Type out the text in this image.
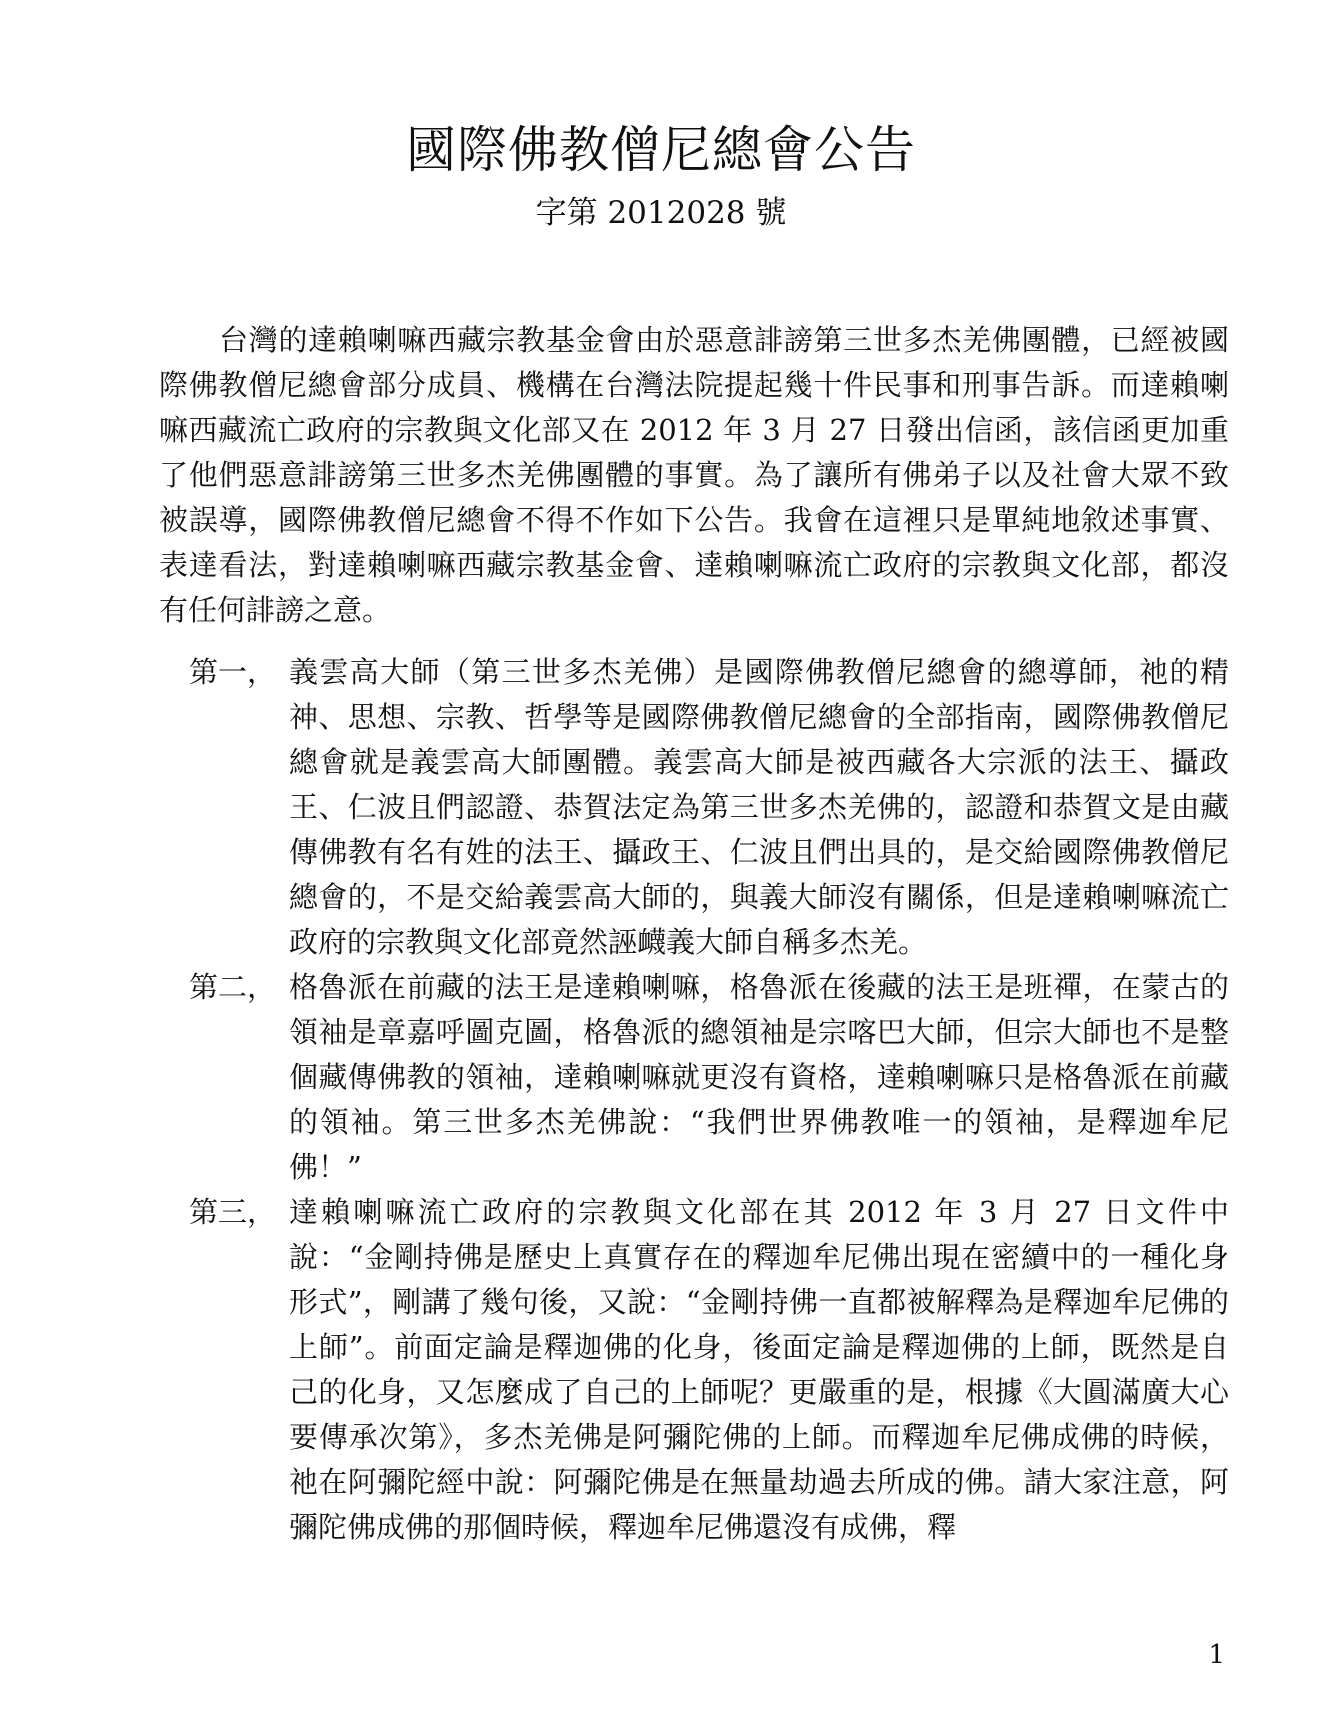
國際佛教僧尼總會公告
字第 2012028 號

台灣的達賴喇嘛西藏宗教基金會由於惡意誹謗第三世多杰羌佛團體，已經被國際佛教僧尼總會部分成員、機構在台灣法院提起幾十件民事和刑事告訴。而達賴喇嘛西藏流亡政府的宗教與文化部又在 2012 年 3 月 27 日發出信函，該信函更加重了他們惡意誹謗第三世多杰羌佛團體的事實。為了讓所有佛弟子以及社會大眾不致被誤導，國際佛教僧尼總會不得不作如下公告。我會在這裡只是單純地敘述事實、表達看法，對達賴喇嘛西藏宗教基金會、達賴喇嘛流亡政府的宗教與文化部，都沒有任何誹謗之意。

第一， 義雲高大師（第三世多杰羌佛）是國際佛教僧尼總會的總導師，祂的精神、思想、宗教、哲學等是國際佛教僧尼總會的全部指南，國際佛教僧尼總會就是義雲高大師團體。義雲高大師是被西藏各大宗派的法王、攝政王、仁波且們認證、恭賀法定為第三世多杰羌佛的，認證和恭賀文是由藏傳佛教有名有姓的法王、攝政王、仁波且們出具的，是交給國際佛教僧尼總會的，不是交給義雲高大師的，與義大師沒有關係，但是達賴喇嘛流亡政府的宗教與文化部竟然誣衊義大師自稱多杰羌。
第二， 格魯派在前藏的法王是達賴喇嘛，格魯派在後藏的法王是班禪，在蒙古的領袖是章嘉呼圖克圖，格魯派的總領袖是宗喀巴大師，但宗大師也不是整個藏傳佛教的領袖，達賴喇嘛就更沒有資格，達賴喇嘛只是格魯派在前藏的領袖。第三世多杰羌佛說：“我們世界佛教唯一的領袖，是釋迦牟尼佛！”
第三， 達賴喇嘛流亡政府的宗教與文化部在其 2012 年 3 月 27 日文件中說：“金剛持佛是歷史上真實存在的釋迦牟尼佛出現在密續中的一種化身形式”，剛講了幾句後，又說：“金剛持佛一直都被解釋為是釋迦牟尼佛的上師”。前面定論是釋迦佛的化身，後面定論是釋迦佛的上師，既然是自己的化身，又怎麼成了自己的上師呢？更嚴重的是，根據《大圓滿廣大心要傳承次第》，多杰羌佛是阿彌陀佛的上師。而釋迦牟尼佛成佛的時候，祂在阿彌陀經中說：阿彌陀佛是在無量劫過去所成的佛。請大家注意，阿彌陀佛成佛的那個時候，釋迦牟尼佛還沒有成佛，釋
1
